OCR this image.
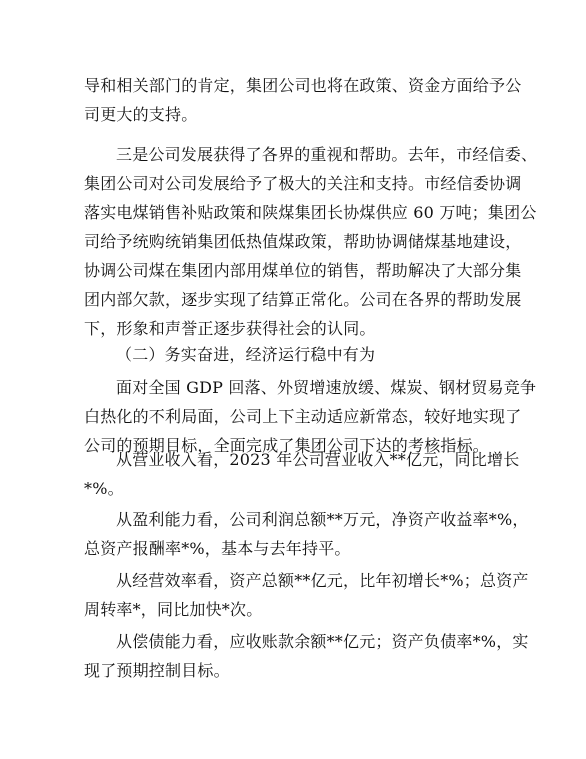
导和相关部门的肯定，集团公司也将在政策、资金方面给予公
司更大的支持。
三是公司发展获得了各界的重视和帮助。去年，市经信委、
集团公司对公司发展给予了极大的关注和支持。市经信委协调
落实电煤销售补贴政策和陕煤集团长协煤供应 60 万吨；集团公
司给予统购统销集团低热值煤政策，帮助协调储煤基地建设，
协调公司煤在集团内部用煤单位的销售，帮助解决了大部分集
团内部欠款，逐步实现了结算正常化。公司在各界的帮助发展
下，形象和声誉正逐步获得社会的认同。
（二）务实奋进，经济运行稳中有为
面对全国 GDP 回落、外贸增速放缓、煤炭、钢材贸易竞争
白热化的不利局面，公司上下主动适应新常态，较好地实现了
公司的预期目标，全面完成了集团公司下达的考核指标。
从营业收入看，2023 年公司营业收入**亿元，同比增长
*%。
从盈利能力看，公司利润总额**万元，净资产收益率*%，
总资产报酬率*%，基本与去年持平。
从经营效率看，资产总额**亿元，比年初增长*%；总资产
周转率*，同比加快*次。
从偿债能力看，应收账款余额**亿元；资产负债率*%，实
现了预期控制目标。
